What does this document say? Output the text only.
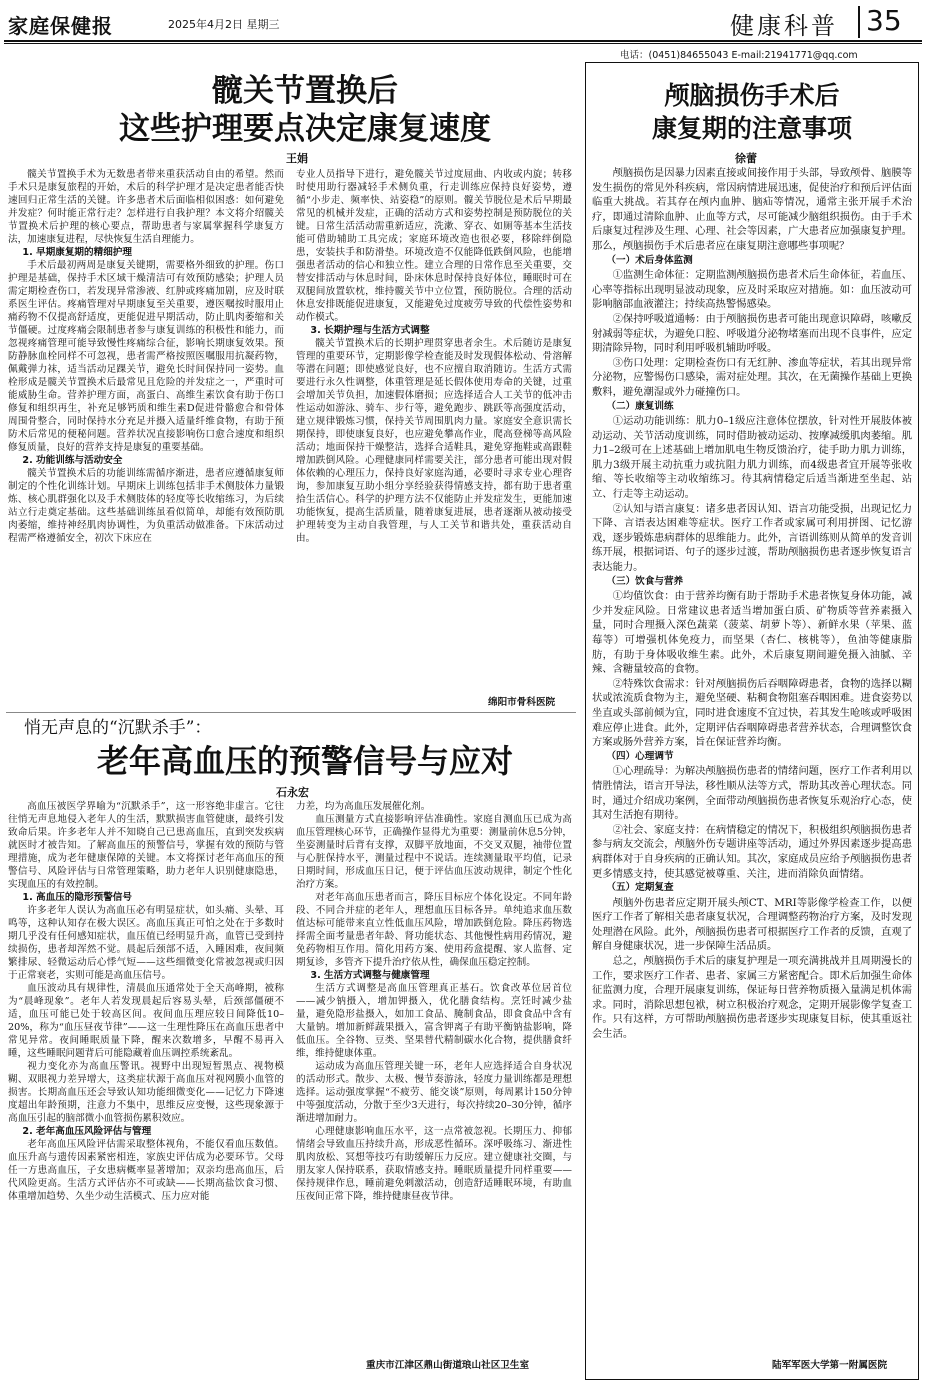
家庭保健报	2025年4月2日 星期三	健康科普 35
电话：(0451)84655043 E-mail:21941771@qq.com
髋关节置换后
这些护理要点决定康复速度
王娟

髋关节置换手术为无数患者带来重获活动自由的希望。然而手术只是康复旅程的开始，术后的科学护理才是决定患者能否快速回归正常生活的关键。许多患者术后面临相似困惑：如何避免并发症？何时能正常行走？怎样进行自我护理？本文将介绍髋关节置换术后护理的核心要点，帮助患者与家属掌握科学康复方法，加速康复进程，尽快恢复生活自理能力。

1. 早期康复期的精细护理

手术后最初两周是康复关键期，需要格外细致的护理。伤口护理是基础，保持手术区域干燥清洁可有效预防感染；护理人员需定期检查伤口，若发现异常渗液、红肿或疼痛加剧，应及时联系医生评估。疼痛管理对早期康复至关重要，遵医嘱按时服用止痛药物不仅提高舒适度，更能促进早期活动，防止肌肉萎缩和关节僵硬。过度疼痛会限制患者参与康复训练的积极性和能力，而忽视疼痛管理可能导致慢性疼痛综合征，影响长期康复效果。预防静脉血栓同样不可忽视，患者需严格按照医嘱服用抗凝药物，佩戴弹力袜，适当活动足踝关节，避免长时间保持同一姿势。血栓形成是髋关节置换术后最常见且危险的并发症之一，严重时可能威胁生命。营养护理方面，高蛋白、高维生素饮食有助于伤口修复和组织再生，补充足够钙质和维生素D促进骨骼愈合和骨体周围骨整合，同时保持水分充足并摄入适量纤维食物，有助于预防术后常见的便秘问题。营养状况直接影响伤口愈合速度和组织修复质量，良好的营养支持是康复的重要基础。

2. 功能训练与活动安全

髋关节置换术后的功能训练需循序渐进，患者应遵循康复师制定的个性化训练计划。早期床上训练包括非手术侧肢体力量锻炼、核心肌群强化以及手术侧肢体的轻度等长收缩练习，为后续站立行走奠定基础。这些基础训练虽看似简单，却能有效预防肌肉萎缩，维持神经肌肉协调性，为负重活动做准备。下床活动过程需严格遵循安全，初次下床应在

专业人员指导下进行，避免髋关节过度屈曲、内收或内旋；转移时使用助行器减轻手术侧负重，行走训练应保持良好姿势，遵循“小步走、频率快、站姿稳”的原则。髋关节脱位是术后早期最常见的机械并发症，正确的活动方式和姿势控制是预防脱位的关键。日常生活活动需重新适应，洗漱、穿衣、如厕等基本生活技能可借助辅助工具完成；家庭环境改造也很必要，移除绊倒隐患，安装扶手和防滑垫。环境改造不仅能降低跌倒风险，也能增强患者活动的信心和独立性。建立合理的日常作息至关重要，交替安排活动与休息时间，卧床休息时保持良好体位，睡眠时可在双腿间放置软枕，维持髋关节中立位置，预防脱位。合理的活动休息安排既能促进康复，又能避免过度疲劳导致的代偿性姿势和动作模式。

3. 长期护理与生活方式调整

髋关节置换术后的长期护理贯穿患者余生。术后随访是康复管理的重要环节，定期影像学检查能及时发现假体松动、骨溶解等潜在问题；即使感觉良好，也不应擅自取消随访。生活方式需要进行永久性调整，体重管理是延长假体使用寿命的关键，过重会增加关节负担，加速假体磨损；应选择适合人工关节的低冲击性运动如游泳、骑车、步行等，避免跑步、跳跃等高强度活动，建立规律锻炼习惯，保持关节周围肌肉力量。家庭安全意识需长期保持，即使康复良好，也应避免攀高作业，爬高登梯等高风险活动；地面保持干燥整洁，选择合适鞋具，避免穿拖鞋或高跟鞋增加跌倒风险。心理健康同样需要关注，部分患者可能出现对假体依赖的心理压力，保持良好家庭沟通，必要时寻求专业心理咨询，参加康复互助小组分享经验获得情感支持，都有助于患者重拾生活信心。科学的护理方法不仅能防止并发症发生，更能加速功能恢复，提高生活质量，随着康复进展，患者逐渐从被动接受护理转变为主动自我管理，与人工关节和谐共处，重获活动自由。

绵阳市骨科医院
悄无声息的“沉默杀手”：
老年高血压的预警信号与应对
石永宏

高血压被医学界喻为“沉默杀手”，这一形容绝非虚言。它往往悄无声息地侵入老年人的生活，默默损害血管健康，最终引发致命后果。许多老年人并不知晓自己已患高血压，直到突发疾病就医时才被告知。了解高血压的预警信号，掌握有效的预防与管理措施，成为老年健康保障的关键。本文将探讨老年高血压的预警信号、风险评估与日常管理策略，助力老年人识别健康隐患，实现血压的有效控制。

1. 高血压的隐形预警信号

许多老年人误认为高血压必有明显症状，如头痛、头晕、耳鸣等，这种认知存在极大误区。高血压真正可怕之处在于多数时期几乎没有任何感知症状，血压值已经明显升高，血管已受到持续损伤，患者却浑然不觉。晨起后颈部不适，入睡困难，夜间频繁排尿、轻微运动后心悸气短——这些细微变化常被忽视或归因于正常衰老，实则可能是高血压信号。

血压波动具有规律性，清晨血压通常处于全天高峰期，被称为“晨峰现象”。老年人若发现晨起后容易头晕，后颈部僵硬不适，血压可能已处于较高区间。夜间血压理应较日间降低10–20%，称为“血压昼夜节律”——这一生理性降压在高血压患者中常见异常。夜间睡眠质量下降，醒来次数增多，早醒不易再入睡，这些睡眠问题背后可能隐藏着血压调控系统紊乱。

视力变化亦为高血压警讯。视野中出现短暂黑点、视物模糊、双眼视力差异增大，这类症状源于高血压对视网膜小血管的损害。长期高血压还会导致认知功能细微变化——记忆力下降速度超出年龄预期，注意力不集中，思维反应变慢，这些现象源于高血压引起的脑部微小血管损伤累积效应。

2. 老年高血压风险评估与管理

老年高血压风险评估需采取整体视角，不能仅看血压数值。血压升高与遗传因素紧密相连，家族史评估成为必要环节。父母任一方患高血压，子女患病概率显著增加；双亲均患高血压，后代风险更高。生活方式评估亦不可或缺——长期高盐饮食习惯、体重增加趋势、久坐少动生活模式、压力应对能

力差，均为高血压发展催化剂。

血压测量方式直接影响评估准确性。家庭自测血压已成为高血压管理核心环节，正确操作显得尤为重要：测量前休息5分钟，坐姿测量时后背有支撑，双脚平放地面，不交叉双腿，袖带位置与心脏保持水平，测量过程中不说话。连续测量取平均值，记录日期时间，形成血压日记，便于评估血压波动规律，制定个性化治疗方案。

对老年高血压患者而言，降压目标应个体化设定。不同年龄段、不同合并症的老年人，理想血压目标各异。单纯追求血压数值达标可能带来直立性低血压风险，增加跌倒危险。降压药物选择需全面考量患者年龄、肾功能状态、其他慢性病用药情况，避免药物相互作用。简化用药方案、使用药盒提醒、家人监督、定期复诊，多管齐下提升治疗依从性，确保血压稳定控制。

3. 生活方式调整与健康管理

生活方式调整是高血压管理真正基石。饮食改革位居首位——减少钠摄入，增加钾摄入，优化膳食结构。烹饪时减少盐量，避免隐形盐摄入，如加工食品、腌制食品，即食食品中含有大量钠。增加新鲜蔬果摄入，富含钾离子有助平衡钠盐影响，降低血压。全谷物、豆类、坚果替代精制碳水化合物，提供膳食纤维，维持健康体重。

运动成为高血压管理关键一环，老年人应选择适合自身状况的活动形式。散步、太极、慢节奏游泳，轻度力量训练都是理想选择。运动强度掌握“不疲劳、能交谈”原则，每周累计150分钟中等强度活动，分散于至少3天进行，每次持续20–30分钟，循序渐进增加耐力。

心理健康影响血压水平，这一点常被忽视。长期压力、抑郁情绪会导致血压持续升高，形成恶性循环。深呼吸练习、渐进性肌肉放松、冥想等技巧有助缓解压力反应。建立健康社交圈，与朋友家人保持联系，获取情感支持。睡眠质量提升同样重要——保持规律作息，睡前避免刺激活动，创造舒适睡眠环境，有助血压夜间正常下降，维持健康昼夜节律。

重庆市江津区鼎山街道琅山社区卫生室
颅脑损伤手术后
康复期的注意事项
徐蕾

颅脑损伤是因暴力因素直接或间接作用于头部，导致颅骨、脑膜等发生损伤的常见外科疾病，常因病情进展迅速，促使治疗和预后评估面临重大挑战。若其存在颅内血肿、脑疝等情况，通常主张开展手术治疗，即通过清除血肿、止血等方式，尽可能减少脑组织损伤。由于手术后康复过程涉及生理、心理、社会等因素，广大患者应加强康复护理。那么，颅脑损伤手术后患者应在康复期注意哪些事项呢？

（一）术后身体监测

①监测生命体征：定期监测颅脑损伤患者术后生命体征，若血压、心率等指标出现明显波动现象，应及时采取应对措施。如：血压波动可影响脑部血液灌注；持续高热警惕感染。

②保持呼吸道通畅：由于颅脑损伤患者可能出现意识障碍，咳嗽反射减弱等症状，为避免口腔、呼吸道分泌物堵塞而出现不良事件，应定期清除异物，同时利用呼吸机辅助呼吸。

③伤口处理：定期检查伤口有无红肿、渗血等症状，若其出现异常分泌物，应警惕伤口感染，需对症处理。其次，在无菌操作基础上更换敷料，避免潮湿或外力碰撞伤口。

（二）康复训练

①运动功能训练：肌力0–1级应注意体位摆放，针对性开展肢体被动运动、关节活动度训练，同时借助被动运动、按摩减缓肌肉萎缩。肌力1–2级可在上述基础上增加肌电生物反馈治疗，徒手助力肌力训练，肌力3级开展主动抗重力或抗阻力肌力训练，而4级患者宜开展等张收缩、等长收缩等主动收缩练习。待其病情稳定后适当渐进至坐起、站立、行走等主动运动。

②认知与语言康复：诸多患者因认知、语言功能受损，出现记忆力下降、言语表达困难等症状。医疗工作者或家属可利用拼图、记忆游戏，逐步锻炼患病群体的思维能力。此外，言语训练则从简单的发音训练开展，根据词语、句子的逐步过渡，帮助颅脑损伤患者逐步恢复语言表达能力。

（三）饮食与营养

①均值饮食：由于营养均衡有助于帮助手术患者恢复身体功能，减少并发症风险。日常建议患者适当增加蛋白质、矿物质等营养素摄入量，同时合理摄入深色蔬菜（菠菜、胡萝卜等）、新鲜水果（苹果、蓝莓等）可增强机体免疫力，而坚果（杏仁、核桃等），鱼油等健康脂肪，有助于身体吸收维生素。此外，术后康复期间避免摄入油腻、辛辣、含糖量较高的食物。

②特殊饮食需求：针对颅脑损伤后吞咽障碍患者，食物的选择以糊状或浓流质食物为主，避免坚硬、粘稠食物阻塞吞咽困难。进食姿势以坐直或头部前倾为宜，同时进食速度不宜过快，若其发生呛咳或呼吸困难应停止进食。此外，定期评估吞咽障碍患者营养状态，合理调整饮食方案或肠外营养方案，旨在保证营养均衡。

（四）心理调节

①心理疏导：为解决颅脑损伤患者的情绪问题，医疗工作者利用以情胜情法，语言开导法，移性顺从法等方式，帮助其改善心理状态。同时，通过介绍成功案例，全面带动颅脑损伤患者恢复乐观治疗心态，使其对生活抱有期待。

②社会、家庭支持：在病情稳定的情况下，积极组织颅脑损伤患者参与病友交流会，颅脑外伤专题讲座等活动，通过外界因素逐步提高患病群体对于自身疾病的正确认知。其次，家庭成员应给予颅脑损伤患者更多情感支持，使其感觉被尊重、关注，进而消除负面情绪。

（五）定期复查

颅脑外伤患者应定期开展头颅CT、MRI等影像学检查工作，以便医疗工作者了解相关患者康复状况，合理调整药物治疗方案，及时发现处理潜在风险。此外，颅脑损伤患者可根据医疗工作者的反馈，直观了解自身健康状况，进一步保障生活品质。

总之，颅脑损伤手术后的康复护理是一项充满挑战并且周期漫长的工作，要求医疗工作者、患者、家属三方紧密配合。即术后加强生命体征监测力度，合理开展康复训练，保证每日营养物质摄入量满足机体需求。同时，消除思想包袱，树立积极治疗观念，定期开展影像学复查工作。只有这样，方可帮助颅脑损伤患者逐步实现康复目标，使其重返社会生活。

陆军军医大学第一附属医院
